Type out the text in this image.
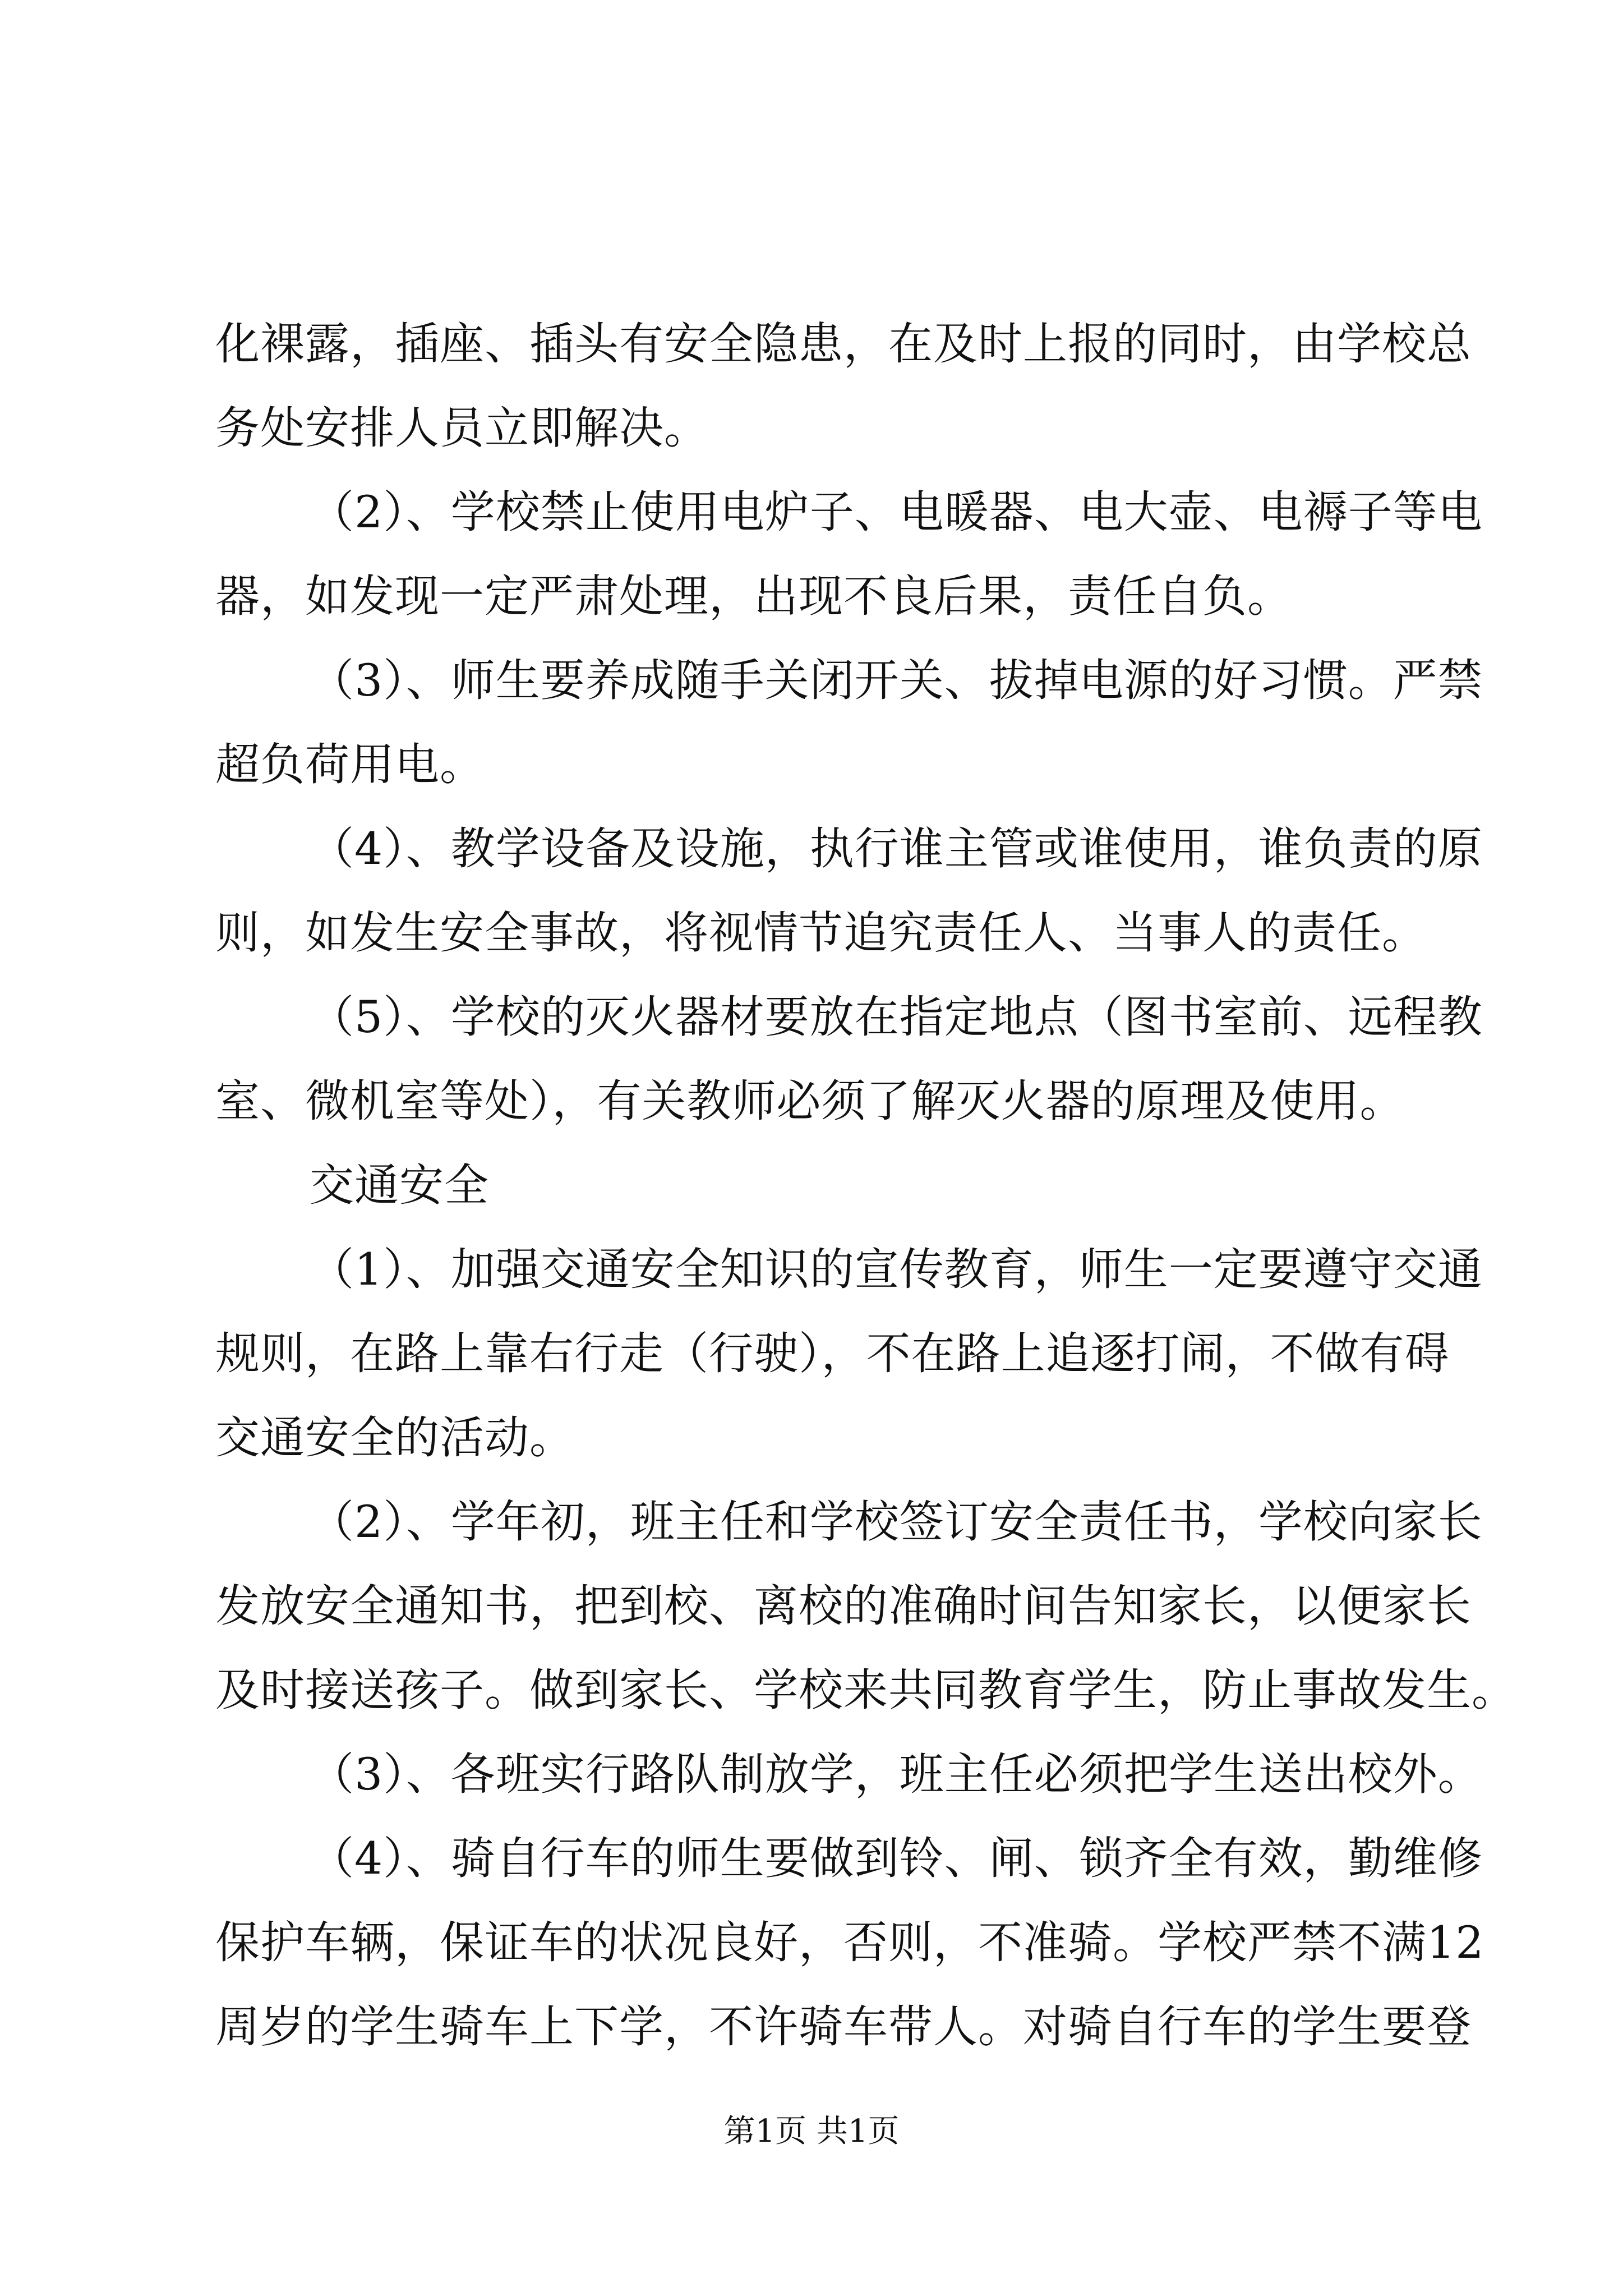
化裸露，插座、插头有安全隐患，在及时上报的同时，由学校总
务处安排人员立即解决。
（2）、学校禁止使用电炉子、电暖器、电大壶、电褥子等电
器，如发现一定严肃处理，出现不良后果，责任自负。
（3）、师生要养成随手关闭开关、拔掉电源的好习惯。严禁
超负荷用电。
（4）、教学设备及设施，执行谁主管或谁使用，谁负责的原
则，如发生安全事故，将视情节追究责任人、当事人的责任。
（5）、学校的灭火器材要放在指定地点（图书室前、远程教
室、微机室等处），有关教师必须了解灭火器的原理及使用。
交通安全
（1）、加强交通安全知识的宣传教育，师生一定要遵守交通
规则，在路上靠右行走（行驶），不在路上追逐打闹，不做有碍
交通安全的活动。
（2）、学年初，班主任和学校签订安全责任书，学校向家长
发放安全通知书，把到校、离校的准确时间告知家长，以便家长
及时接送孩子。做到家长、学校来共同教育学生，防止事故发生。
（3）、各班实行路队制放学，班主任必须把学生送出校外。
（4）、骑自行车的师生要做到铃、闸、锁齐全有效，勤维修
保护车辆，保证车的状况良好，否则，不准骑。学校严禁不满12
周岁的学生骑车上下学，不许骑车带人。对骑自行车的学生要登
第1页 共1页
